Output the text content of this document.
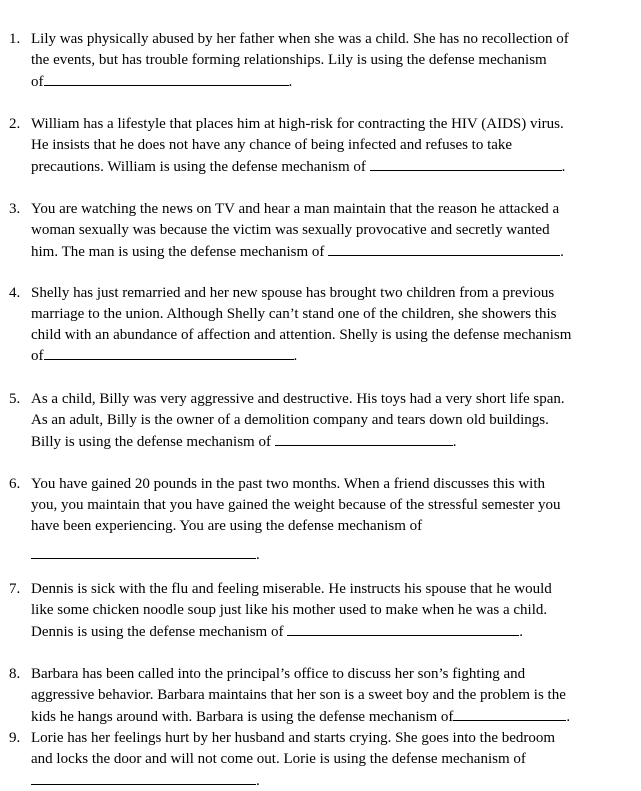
1. Lily was physically abused by her father when she was a child. She has no recollection of
the events, but has trouble forming relationships. Lily is using the defense mechanism
of	.
2. William has a lifestyle that places him at high-risk for contracting the HIV (AIDS) virus.
He insists that he does not have any chance of being infected and refuses to take
precautions. William is using the defense mechanism of	.
3. You are watching the news on TV and hear a man maintain that the reason he attacked a
woman sexually was because the victim was sexually provocative and secretly wanted
him. The man is using the defense mechanism of	.
4. Shelly has just remarried and her new spouse has brought two children from a previous
marriage to the union. Although Shelly can’t stand one of the children, she showers this
child with an abundance of affection and attention. Shelly is using the defense mechanism
of	.
5. As a child, Billy was very aggressive and destructive. His toys had a very short life span.
As an adult, Billy is the owner of a demolition company and tears down old buildings.
Billy is using the defense mechanism of	.
6. You have gained 20 pounds in the past two months. When a friend discusses this with
you, you maintain that you have gained the weight because of the stressful semester you
have been experiencing. You are using the defense mechanism of
.
7. Dennis is sick with the flu and feeling miserable. He instructs his spouse that he would
like some chicken noodle soup just like his mother used to make when he was a child.
Dennis is using the defense mechanism of	.
8. Barbara has been called into the principal’s office to discuss her son’s fighting and
aggressive behavior. Barbara maintains that her son is a sweet boy and the problem is the
kids he hangs around with. Barbara is using the defense mechanism of	.
9. Lorie has her feelings hurt by her husband and starts crying. She goes into the bedroom
and locks the door and will not come out. Lorie is using the defense mechanism of
.
